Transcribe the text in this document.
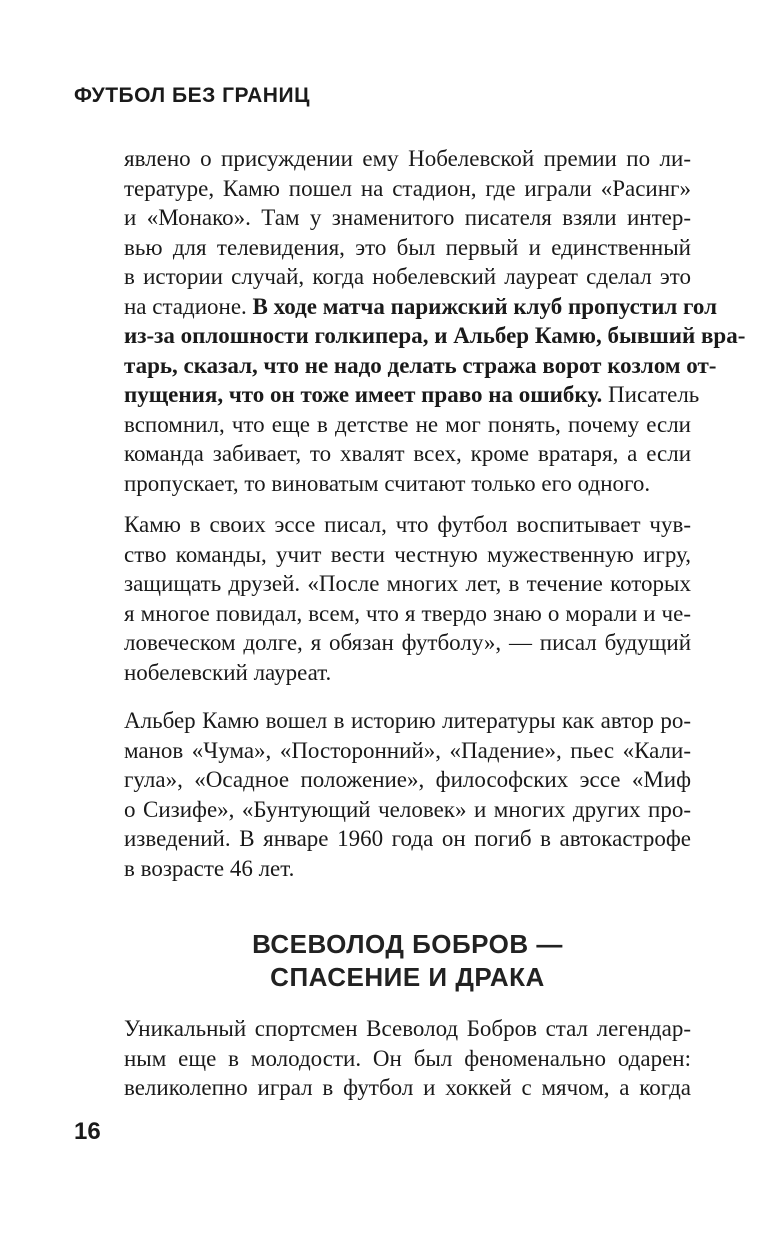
ФУТБОЛ БЕЗ ГРАНИЦ
явлено о присуждении ему Нобелевской премии по ли-
тературе, Камю пошел на стадион, где играли «Расинг»
и «Монако». Там у знаменитого писателя взяли интер-
вью для телевидения, это был первый и единственный
в истории случай, когда нобелевский лауреат сделал это
на стадионе. В ходе матча парижский клуб пропустил гол
из-за оплошности голкипера, и Альбер Камю, бывший вра-
тарь, сказал, что не надо делать стража ворот козлом от-
пущения, что он тоже имеет право на ошибку. Писатель
вспомнил, что еще в детстве не мог понять, почему если
команда забивает, то хвалят всех, кроме вратаря, а если
пропускает, то виноватым считают только его одного.
Камю в своих эссе писал, что футбол воспитывает чув-
ство команды, учит вести честную мужественную игру,
защищать друзей. «После многих лет, в течение которых
я многое повидал, всем, что я твердо знаю о морали и че-
ловеческом долге, я обязан футболу», — писал будущий
нобелевский лауреат.
Альбер Камю вошел в историю литературы как автор ро-
манов «Чума», «Посторонний», «Падение», пьес «Кали-
гула», «Осадное положение», философских эссе «Миф
о Сизифе», «Бунтующий человек» и многих других про-
изведений. В январе 1960 года он погиб в автокастрофе
в возрасте 46 лет.
ВСЕВОЛОД БОБРОВ —
СПАСЕНИЕ И ДРАКА
Уникальный спортсмен Всеволод Бобров стал легендар-
ным еще в молодости. Он был феноменально одарен:
великолепно играл в футбол и хоккей с мячом, а когда
16
